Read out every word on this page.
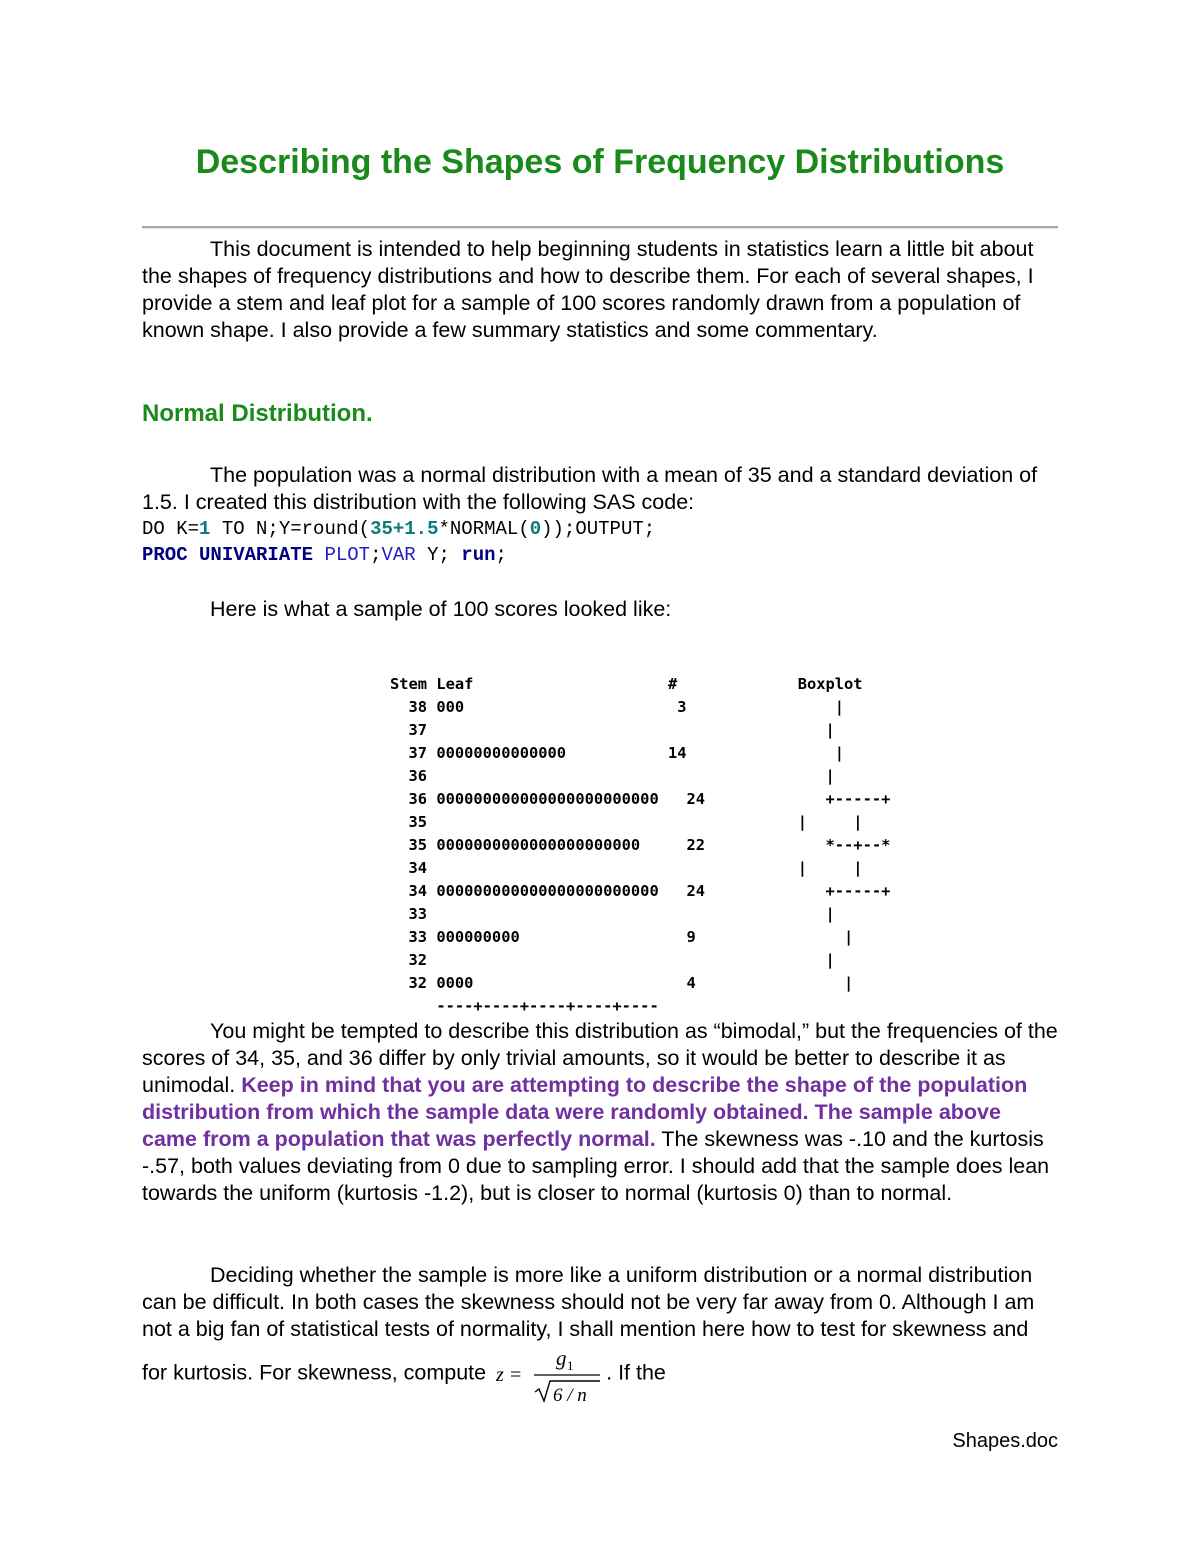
Describing the Shapes of Frequency Distributions

This document is intended to help beginning students in statistics learn a little bit about the shapes of frequency distributions and how to describe them. For each of several shapes, I provide a stem and leaf plot for a sample of 100 scores randomly drawn from a population of known shape. I also provide a few summary statistics and some commentary.

Normal Distribution.

The population was a normal distribution with a mean of 35 and a standard deviation of 1.5. I created this distribution with the following SAS code:

DO K=1 TO N;Y=round(35+1.5*NORMAL(0));OUTPUT;
PROC UNIVARIATE PLOT;VAR Y; run;

Here is what a sample of 100 scores looked like:

Stem Leaf                     #             Boxplot
38 000                       3                |
37                                           |
37 00000000000000           14                |
36                                           |
36 000000000000000000000000   24             +-----+
35                                        |     |
35 0000000000000000000000     22             *--+--*
34                                        |     |
34 000000000000000000000000   24             +-----+
33                                           |
33 000000000                  9                |
32                                           |
32 0000                       4                |
----+----+----+----+----

You might be tempted to describe this distribution as “bimodal,” but the frequencies of the scores of 34, 35, and 36 differ by only trivial amounts, so it would be better to describe it as unimodal. Keep in mind that you are attempting to describe the shape of the population distribution from which the sample data were randomly obtained. The sample above came from a population that was perfectly normal. The skewness was -.10 and the kurtosis -.57, both values deviating from 0 due to sampling error. I should add that the sample does lean towards the uniform (kurtosis -1.2), but is closer to normal (kurtosis 0) than to normal.

Deciding whether the sample is more like a uniform distribution or a normal distribution can be difficult. In both cases the skewness should not be very far away from 0. Although I am not a big fan of statistical tests of normality, I shall mention here how to test for skewness and for kurtosis. For skewness, compute z =
g 1
6 / n
. If the

Shapes.doc
